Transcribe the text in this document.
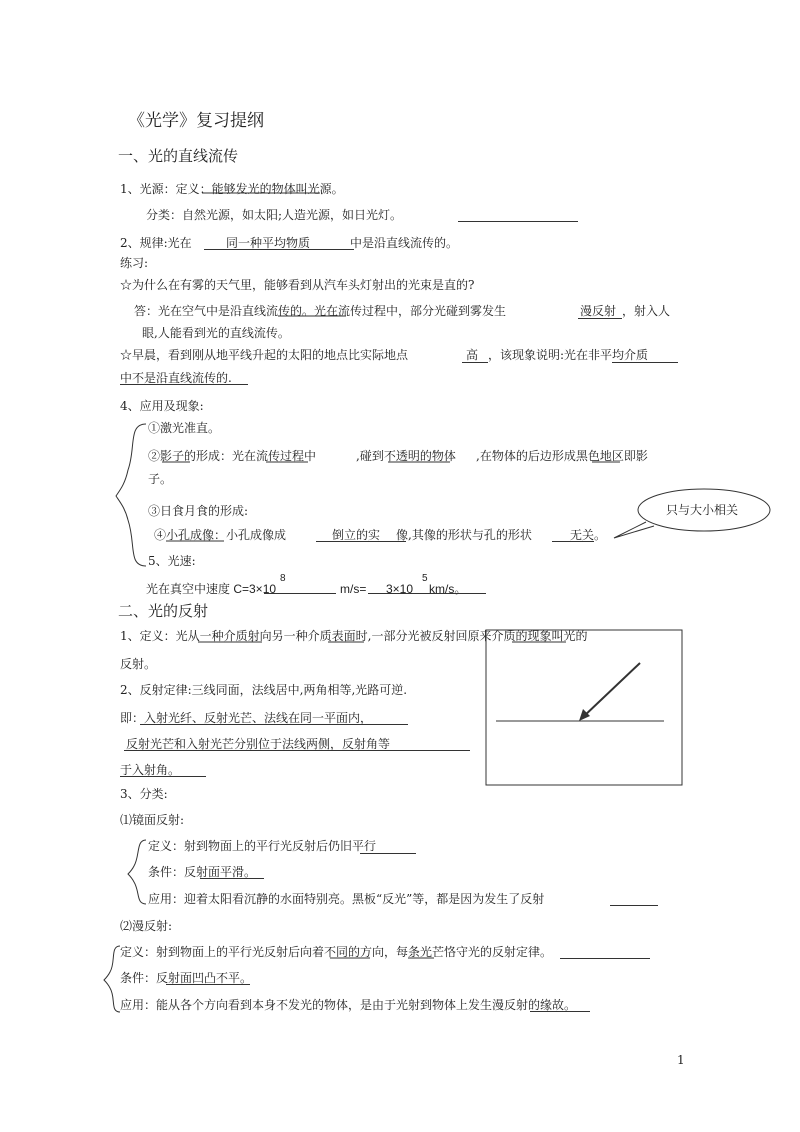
《光学》复习提纲
一、光的直线流传
1、光源：定义：能够发光的物体叫光源。
分类：自然光源，如太阳;人造光源，如日光灯。
2、规律:光在	同一种平均物质	中是沿直线流传的。
练习:
☆为什么在有雾的天气里，能够看到从汽车头灯射出的光束是直的?
答：光在空气中是沿直线流传的。光在流传过程中，部分光碰到雾发生	漫反射 ，射入人
眼,人能看到光的直线流传。
☆早晨，看到刚从地平线升起的太阳的地点比实际地点	高 ，该现象说明:光在非平均介质
中不是沿直线流传的.
4、应用及现象:
①激光准直。
②影子的形成：光在流传过程中	,碰到不透明的物体 ,在物体的后边形成黑色地区即影
子。
③日食月食的形成:
④小孔成像：小孔成像成	倒立的实 像,其像的形状与孔的形状	无关 。
只与大小相关
5、光速:
光在真空中速度 C=3×10
8
m/s= 3×10
5
km/s。
二、光的反射
1、定义：光从一种介质射向另一种介质表面时,一部分光被反射回原来介质的现象叫光的
反射。
2、反射定律:三线同面，法线居中,两角相等,光路可逆.
即：入射光纤、反射光芒、法线在同一平面内，
反射光芒和入射光芒分别位于法线两侧，反射角等
于入射角。
3、分类:
⑴镜面反射:
定义：射到物面上的平行光反射后仍旧平行
条件：反射面平滑。
应用：迎着太阳看沉静的水面特别亮。黑板“反光”等，都是因为发生了反射
⑵漫反射:
定义：射到物面上的平行光反射后向着不同的方向，每条光芒恪守光的反射定律。
条件：反射面凹凸不平。
应用：能从各个方向看到本身不发光的物体，是由于光射到物体上发生漫反射的缘故。
1
